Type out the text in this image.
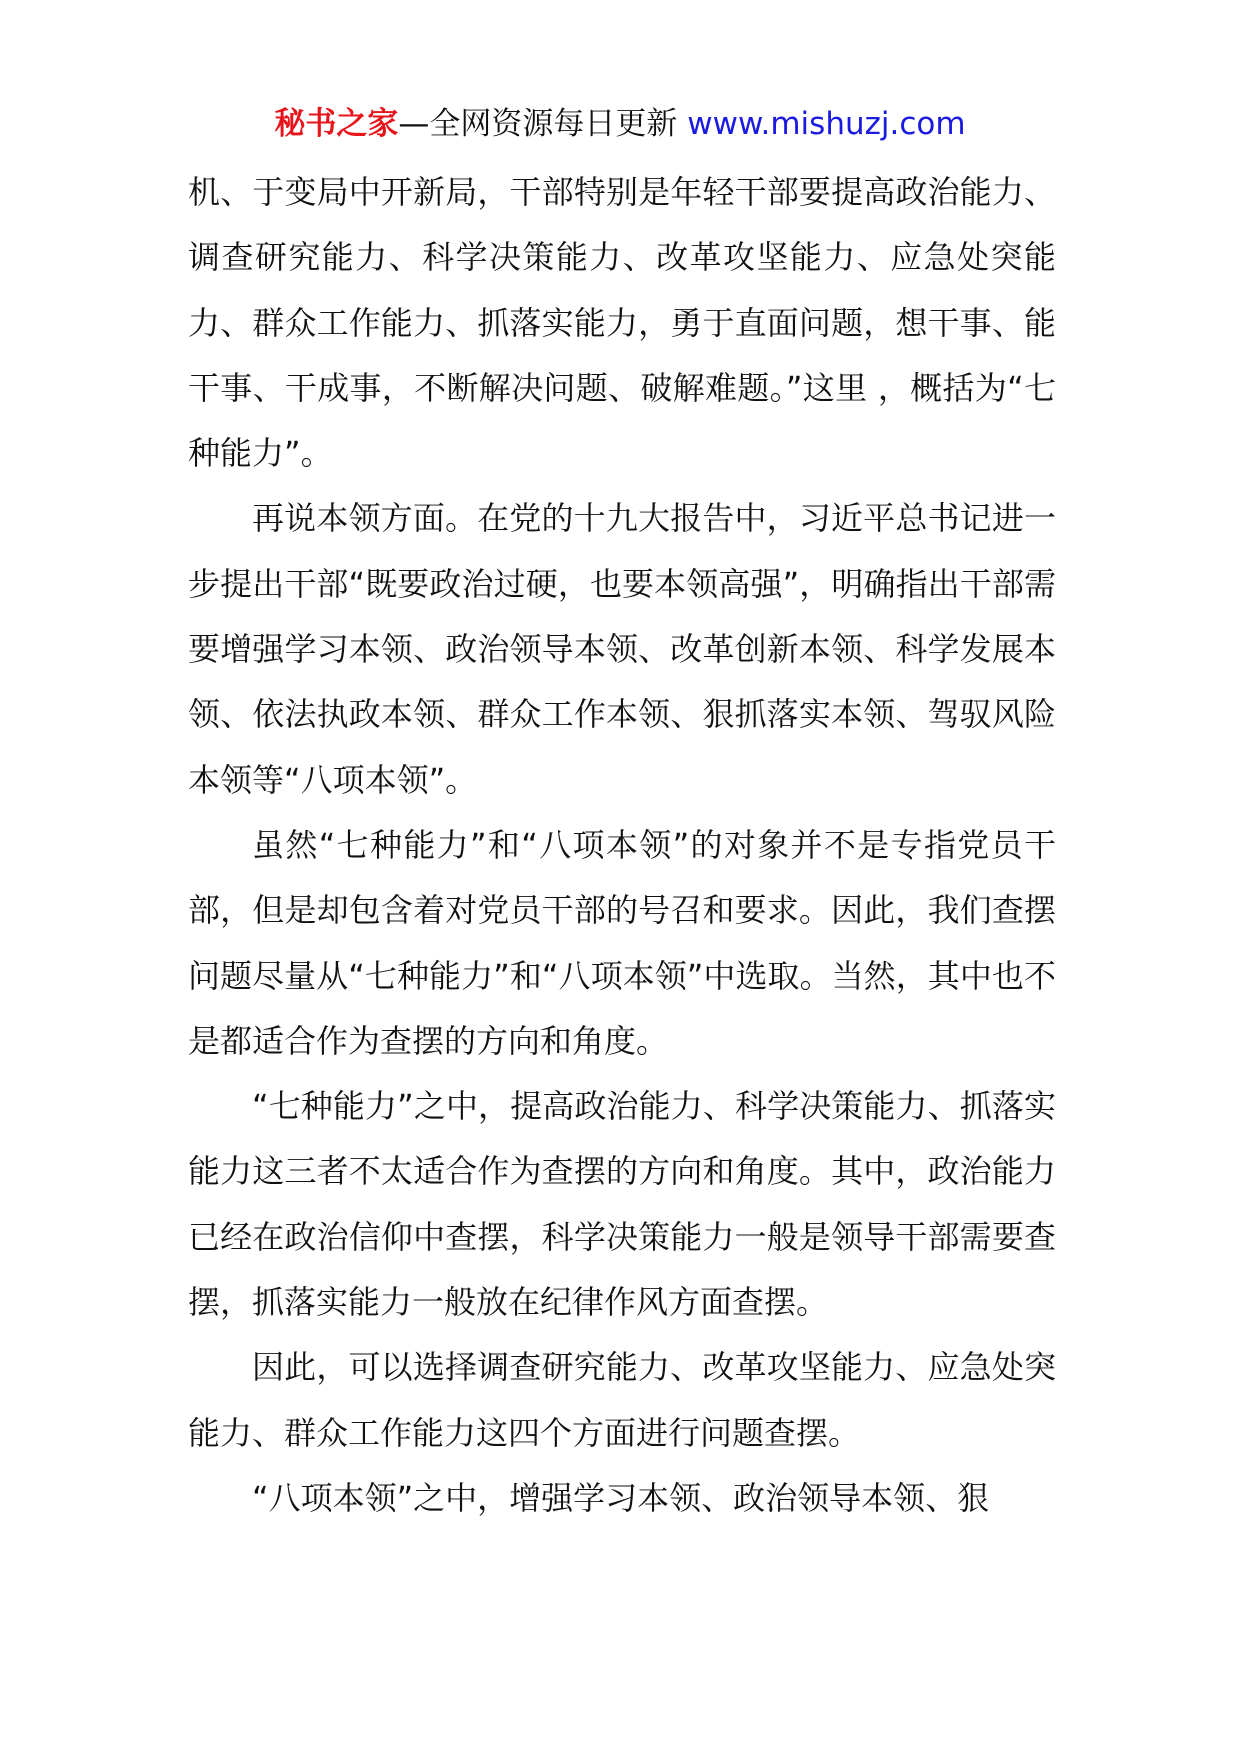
秘书之家—全网资源每日更新 www.mishuzj.com

机、于变局中开新局，干部特别是年轻干部要提高政治能力、调查研究能力、科学决策能力、改革攻坚能力、应急处突能力、群众工作能力、抓落实能力，勇于直面问题，想干事、能干事、干成事，不断解决问题、破解难题。”这里 ，概括为“七种能力”。

再说本领方面。在党的十九大报告中，习近平总书记进一步提出干部“既要政治过硬，也要本领高强”，明确指出干部需要增强学习本领、政治领导本领、改革创新本领、科学发展本领、依法执政本领、群众工作本领、狠抓落实本领、驾驭风险本领等“八项本领”。

虽然“七种能力”和“八项本领”的对象并不是专指党员干部，但是却包含着对党员干部的号召和要求。因此，我们查摆问题尽量从“七种能力”和“八项本领”中选取。当然，其中也不是都适合作为查摆的方向和角度。

“七种能力”之中，提高政治能力、科学决策能力、抓落实能力这三者不太适合作为查摆的方向和角度。其中，政治能力已经在政治信仰中查摆，科学决策能力一般是领导干部需要查摆，抓落实能力一般放在纪律作风方面查摆。

因此，可以选择调查研究能力、改革攻坚能力、应急处突能力、群众工作能力这四个方面进行问题查摆。

“八项本领”之中，增强学习本领、政治领导本领、狠
